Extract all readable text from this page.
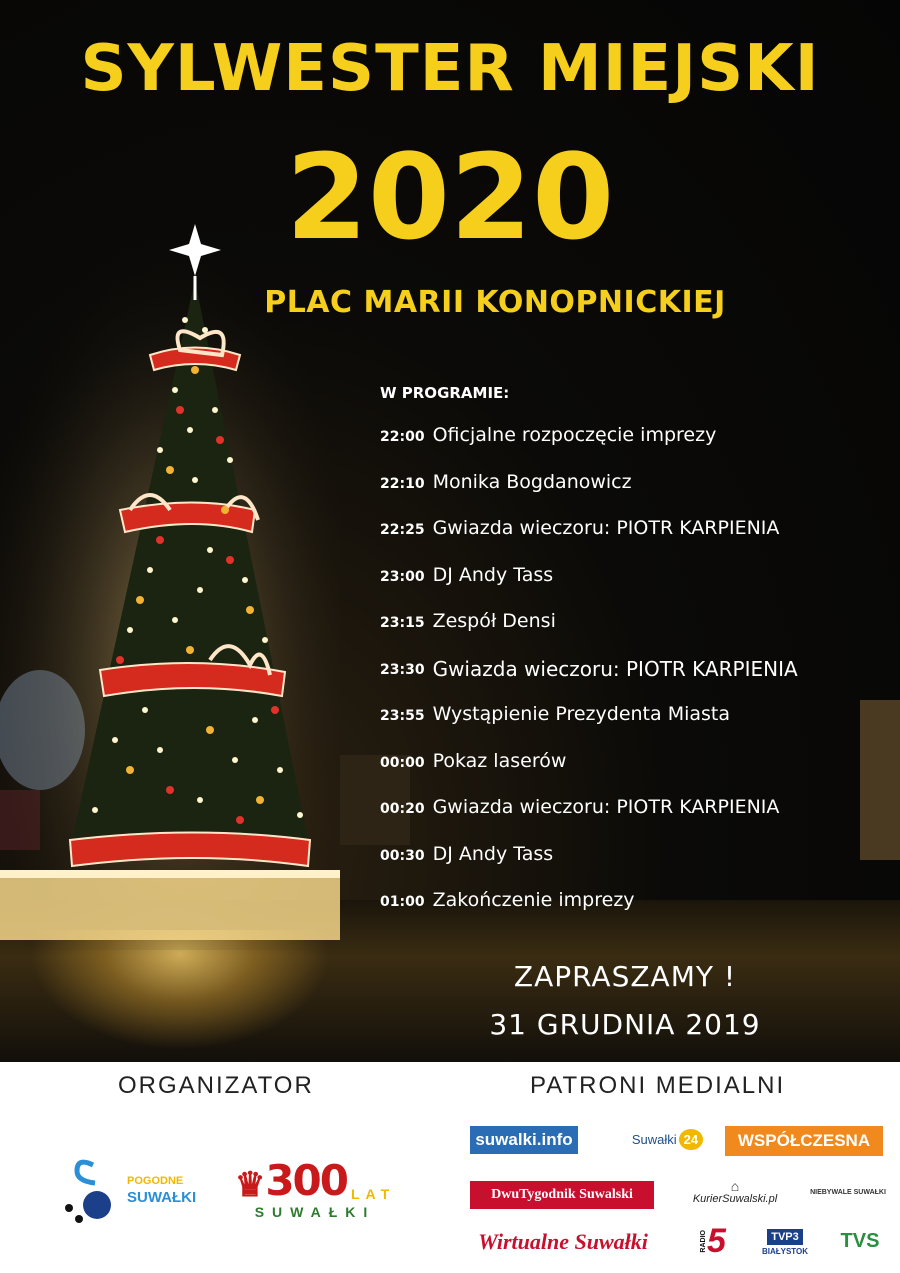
SYLWESTER MIEJSKI
2020
PLAC MARII KONOPNICKIEJ
W PROGRAMIE:
22:00 Oficjalne rozpoczęcie imprezy
22:10 Monika Bogdanowicz
22:25 Gwiazda wieczoru: PIOTR KARPIENIA
23:00 DJ Andy Tass
23:15 Zespół Densi
23:30 Gwiazda wieczoru: PIOTR KARPIENIA
23:55 Wystąpienie Prezydenta Miasta
00:00 Pokaz laserów
00:20 Gwiazda wieczoru: PIOTR KARPIENIA
00:30 DJ Andy Tass
01:00 Zakończenie imprezy
ZAPRASZAMY !
31 GRUDNIA 2019
ORGANIZATOR	PATRONI MEDIALNI
POGODNE
SUWAŁKI ♛ 300 LAT
SUWAŁKI
suwalki.info	Suwałki 24	WSPÓŁCZESNA
DwuTygodnik Suwalski
⌂
KurierSuwalski.pl
NIEBYWALE SUWAŁKI
Wirtualne Suwałki	RADIO 5	TVP3
BIAŁYSTOK TVS
